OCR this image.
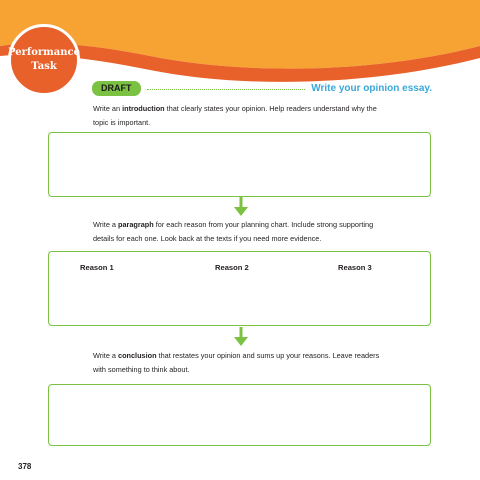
Performance
Task
DRAFT	Write your opinion essay.
Write an introduction that clearly states your opinion. Help readers understand why the topic is important.
Write a paragraph for each reason from your planning chart. Include strong supporting details for each one. Look back at the texts if you need more evidence.
Reason 1	Reason 2	Reason 3
Write a conclusion that restates your opinion and sums up your reasons. Leave readers with something to think about.
378
